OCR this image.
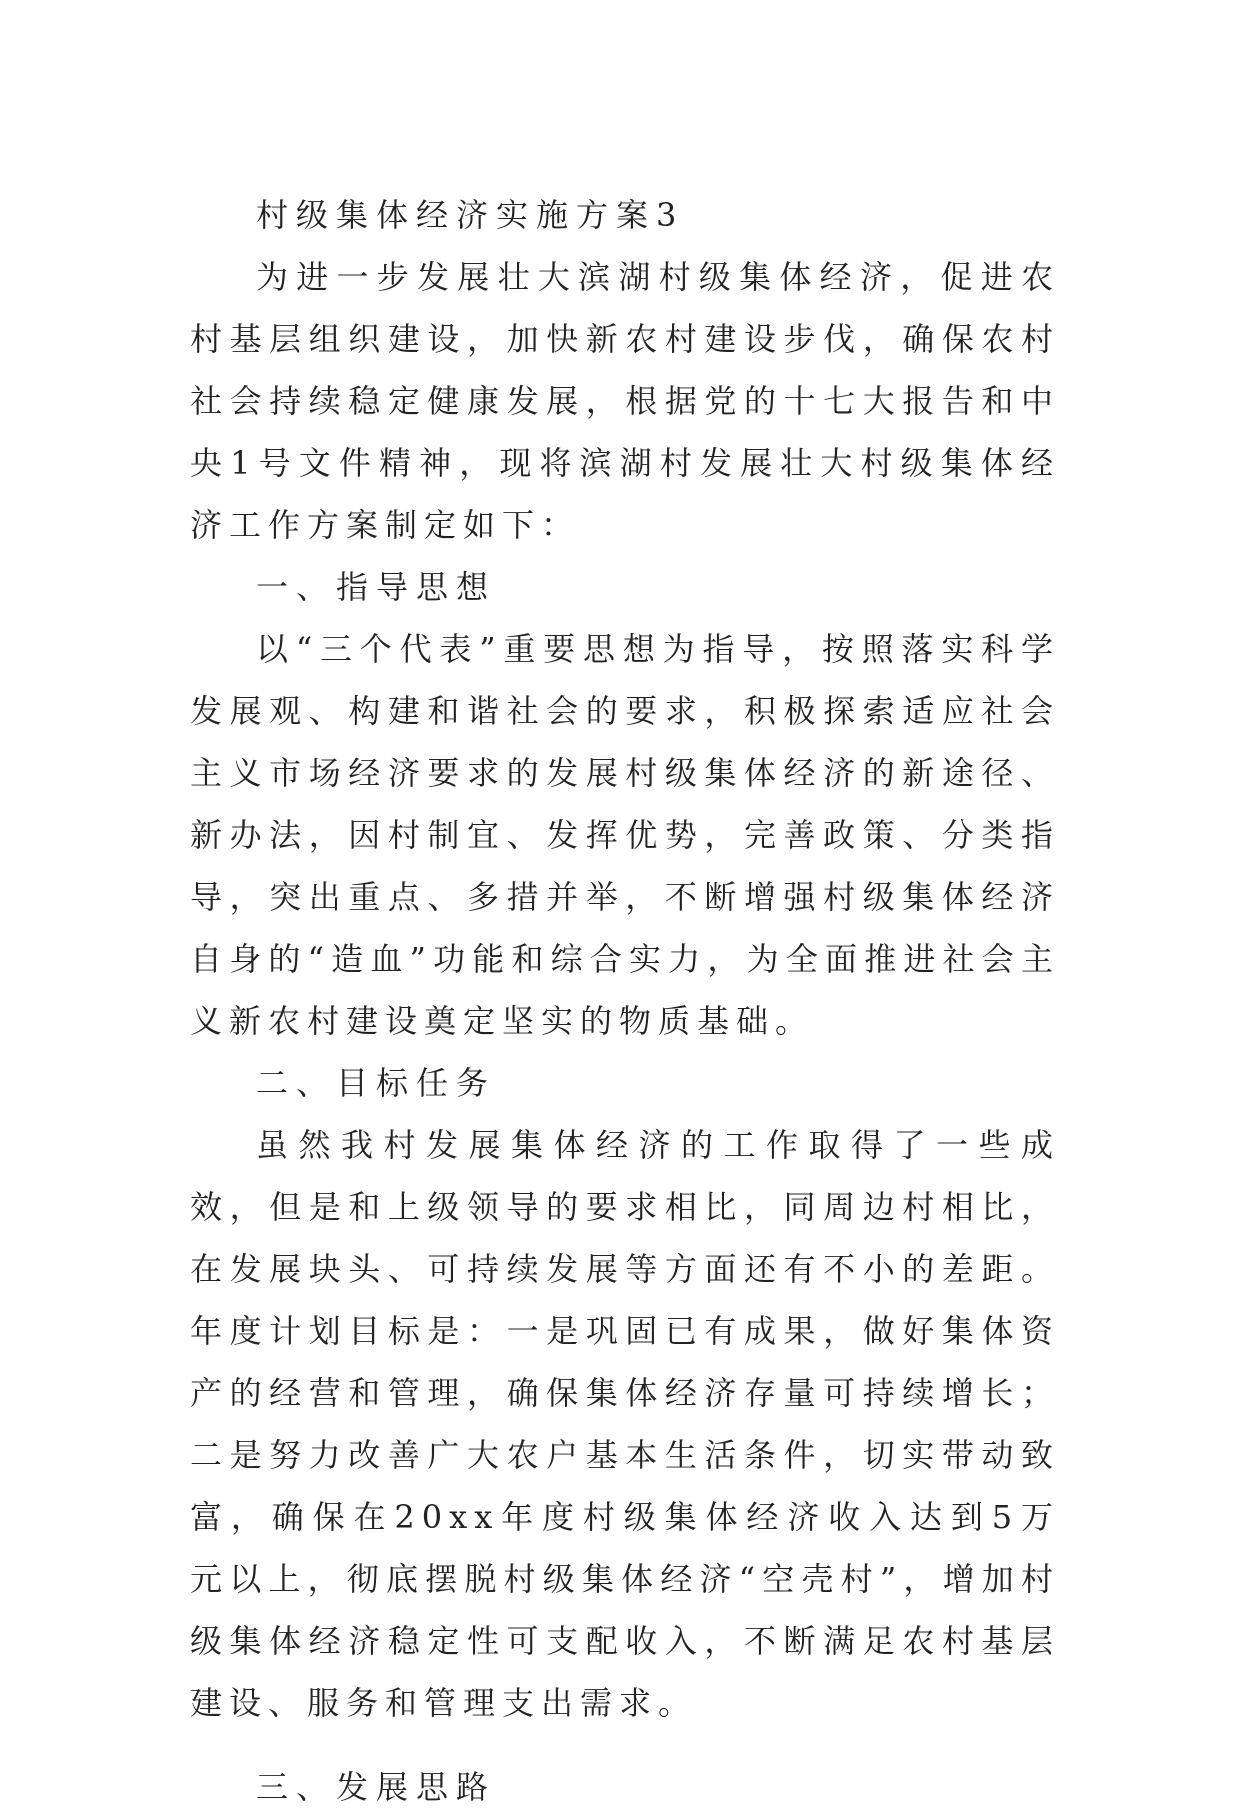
村级集体经济实施方案3

为进一步发展壮大滨湖村级集体经济，促进农村基层组织建设，加快新农村建设步伐，确保农村社会持续稳定健康发展，根据党的十七大报告和中央1号文件精神，现将滨湖村发展壮大村级集体经济工作方案制定如下：

一、指导思想

以“三个代表”重要思想为指导，按照落实科学发展观、构建和谐社会的要求，积极探索适应社会主义市场经济要求的发展村级集体经济的新途径、新办法，因村制宜、发挥优势，完善政策、分类指导，突出重点、多措并举，不断增强村级集体经济自身的“造血”功能和综合实力，为全面推进社会主义新农村建设奠定坚实的物质基础。

二、目标任务

虽然我村发展集体经济的工作取得了一些成效，但是和上级领导的要求相比，同周边村相比，在发展块头、可持续发展等方面还有不小的差距。年度计划目标是：一是巩固已有成果，做好集体资产的经营和管理，确保集体经济存量可持续增长；二是努力改善广大农户基本生活条件，切实带动致富，确保在20xx年度村级集体经济收入达到5万元以上，彻底摆脱村级集体经济“空壳村”，增加村级集体经济稳定性可支配收入，不断满足农村基层建设、服务和管理支出需求。

三、发展思路
